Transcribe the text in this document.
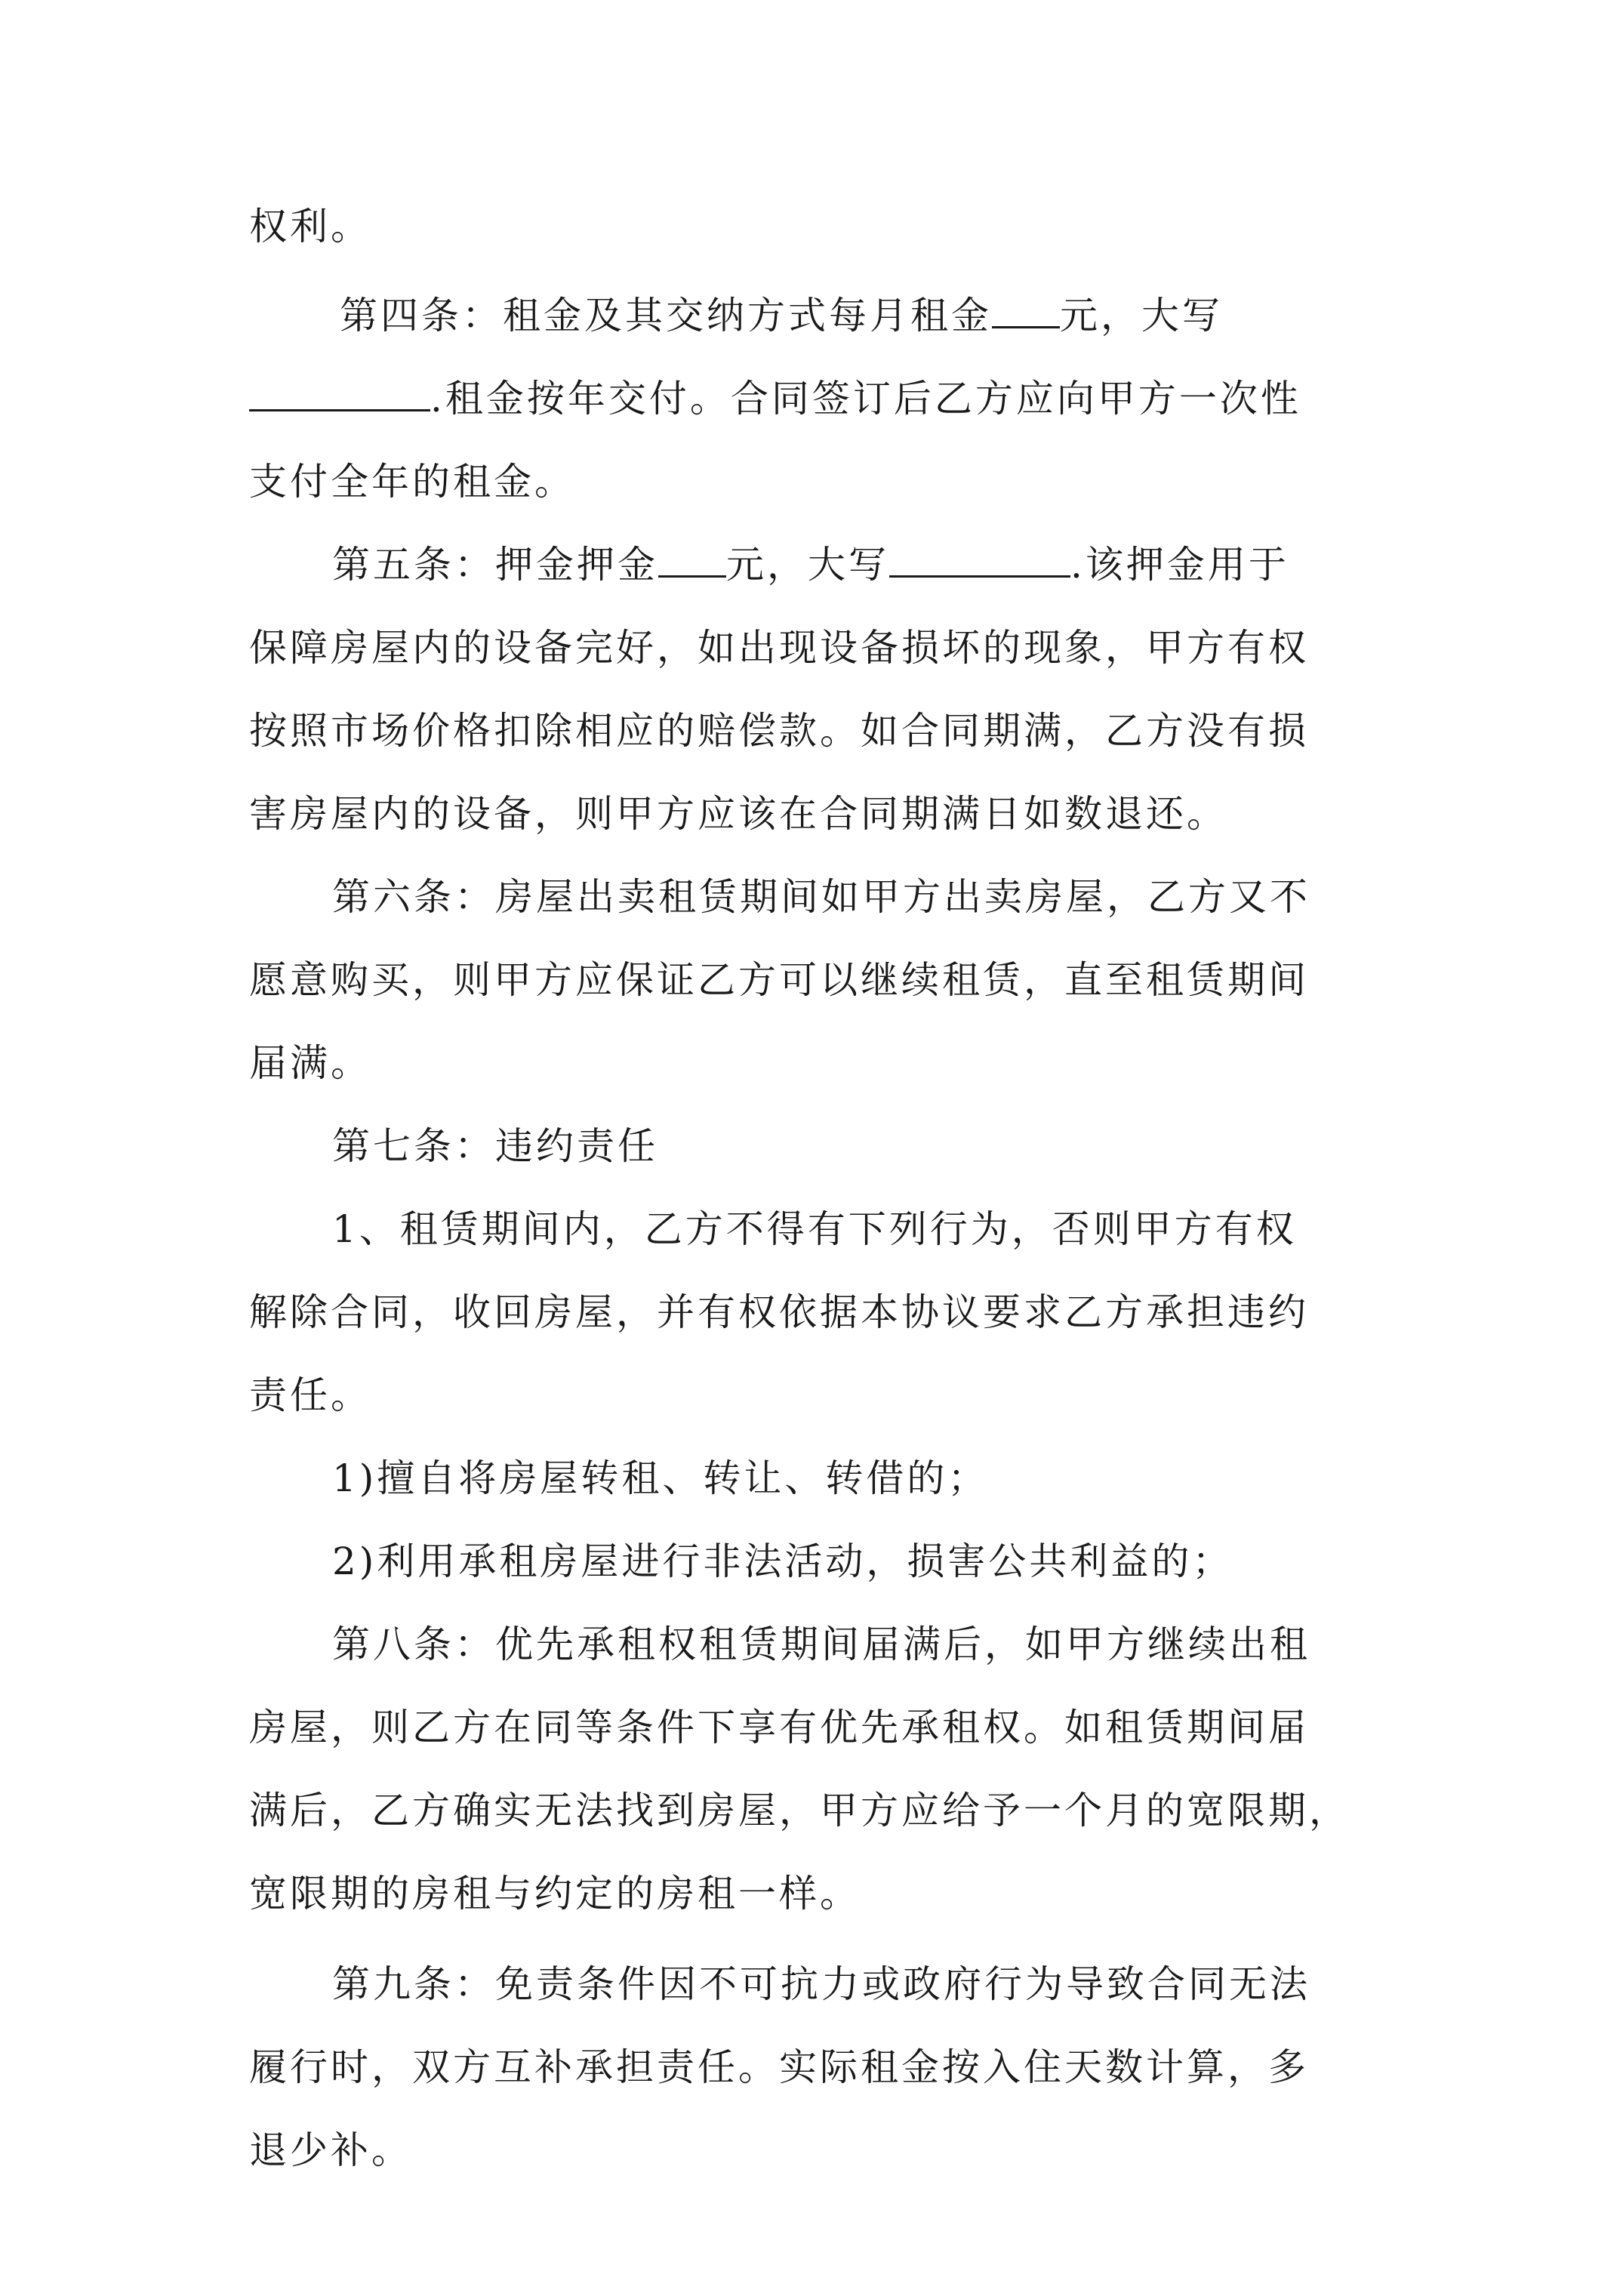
权利。
第四条：租金及其交纳方式每月租金 元，大写
.租金按年交付。合同签订后乙方应向甲方一次性
支付全年的租金。
第五条：押金押金 元，大写	.该押金用于
保障房屋内的设备完好，如出现设备损坏的现象，甲方有权
按照市场价格扣除相应的赔偿款。如合同期满，乙方没有损
害房屋内的设备，则甲方应该在合同期满日如数退还。
第六条：房屋出卖租赁期间如甲方出卖房屋，乙方又不
愿意购买，则甲方应保证乙方可以继续租赁，直至租赁期间
届满。
第七条：违约责任
1、租赁期间内，乙方不得有下列行为，否则甲方有权
解除合同，收回房屋，并有权依据本协议要求乙方承担违约
责任。
1)擅自将房屋转租、转让、转借的；
2)利用承租房屋进行非法活动，损害公共利益的；
第八条：优先承租权租赁期间届满后，如甲方继续出租
房屋，则乙方在同等条件下享有优先承租权。如租赁期间届
满后，乙方确实无法找到房屋，甲方应给予一个月的宽限期，
宽限期的房租与约定的房租一样。
第九条：免责条件因不可抗力或政府行为导致合同无法
履行时，双方互补承担责任。实际租金按入住天数计算，多
退少补。
